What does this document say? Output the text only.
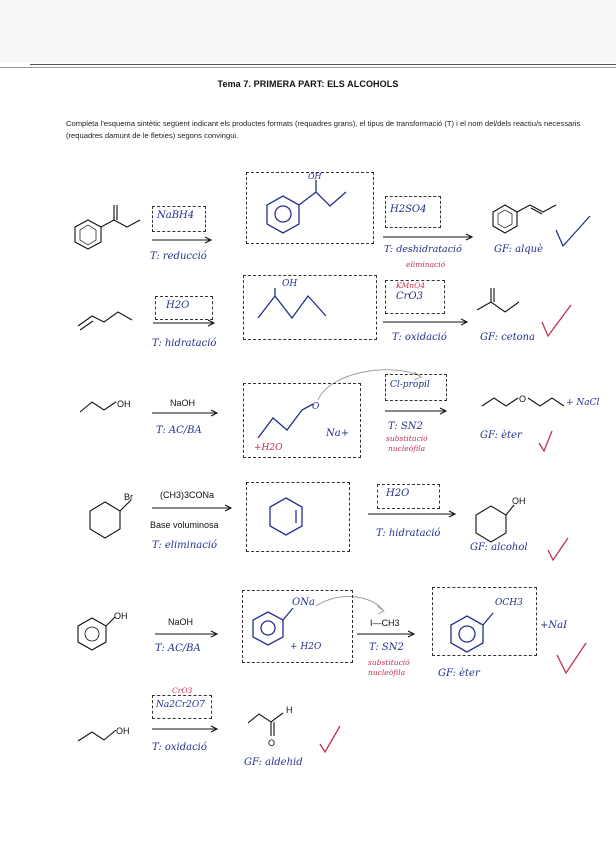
Tema 7. PRIMERA PART: ELS ALCOHOLS
Completa l'esquema sintètic següent indicant els productes formats (requadres grans), el tipus de transformació (T) i el nom del/dels reactiu/s necessaris (requadres damunt de le fletxes) segons convingui.
NaBH4
T: reducció
OH
H2SO4
T: deshidratació
eliminació
GF: alquè
H2O
T: hidratació
OH	KMnO4
CrO3
T: oxidació	GF: cetona
OH	NaOH
T: AC/BA
O
Na+
+H2O
Cl-propil
T: SN2
substitució
nucleòfila
O	+ NaCl
GF: èter
Br	(CH3)3CONa
Base voluminosa
T: eliminació
H2O
T: hidratació
OH
GF: alcohol
OH
NaOH
T: AC/BA
ONa
+ H2O
I—CH3
T: SN2
substitució
nucleòfila
OCH3
+NaI
GF: èter
OH
CrO3
Na2Cr2O7
T: oxidació
H
O
GF: aldehid
